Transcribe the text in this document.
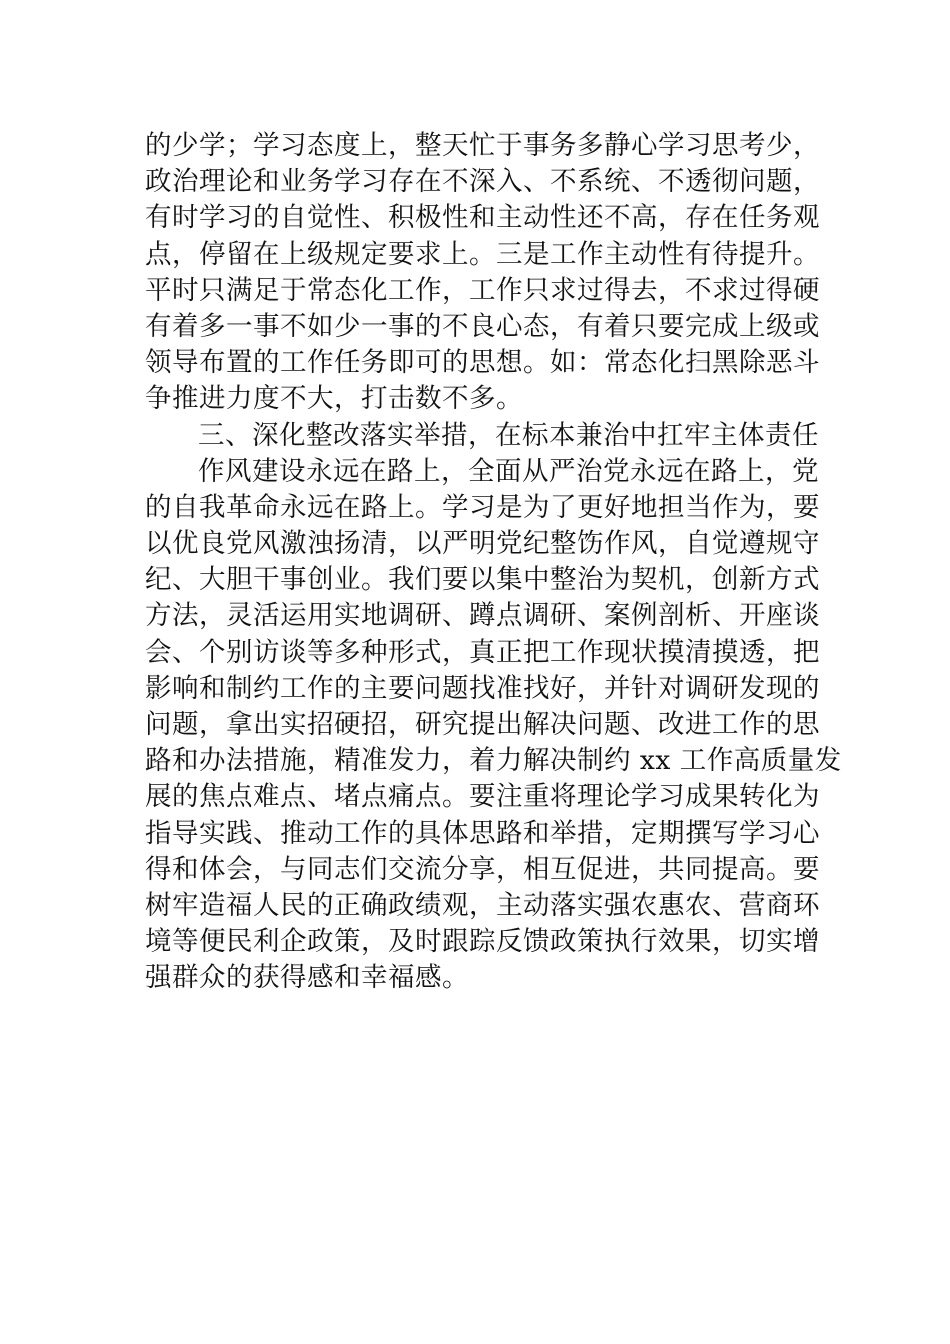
的少学；学习态度上，整天忙于事务多静心学习思考少，
政治理论和业务学习存在不深入、不系统、不透彻问题，
有时学习的自觉性、积极性和主动性还不高，存在任务观
点，停留在上级规定要求上。三是工作主动性有待提升。
平时只满足于常态化工作，工作只求过得去，不求过得硬
有着多一事不如少一事的不良心态，有着只要完成上级或
领导布置的工作任务即可的思想。如：常态化扫黑除恶斗
争推进力度不大，打击数不多。
三、深化整改落实举措，在标本兼治中扛牢主体责任
作风建设永远在路上，全面从严治党永远在路上，党
的自我革命永远在路上。学习是为了更好地担当作为，要
以优良党风激浊扬清，以严明党纪整饬作风，自觉遵规守
纪、大胆干事创业。我们要以集中整治为契机，创新方式
方法，灵活运用实地调研、蹲点调研、案例剖析、开座谈
会、个别访谈等多种形式，真正把工作现状摸清摸透，把
影响和制约工作的主要问题找准找好，并针对调研发现的
问题，拿出实招硬招，研究提出解决问题、改进工作的思
路和办法措施，精准发力，着力解决制约 xx 工作高质量发
展的焦点难点、堵点痛点。要注重将理论学习成果转化为
指导实践、推动工作的具体思路和举措，定期撰写学习心
得和体会，与同志们交流分享，相互促进，共同提高。要
树牢造福人民的正确政绩观，主动落实强农惠农、营商环
境等便民利企政策，及时跟踪反馈政策执行效果，切实增
强群众的获得感和幸福感。
